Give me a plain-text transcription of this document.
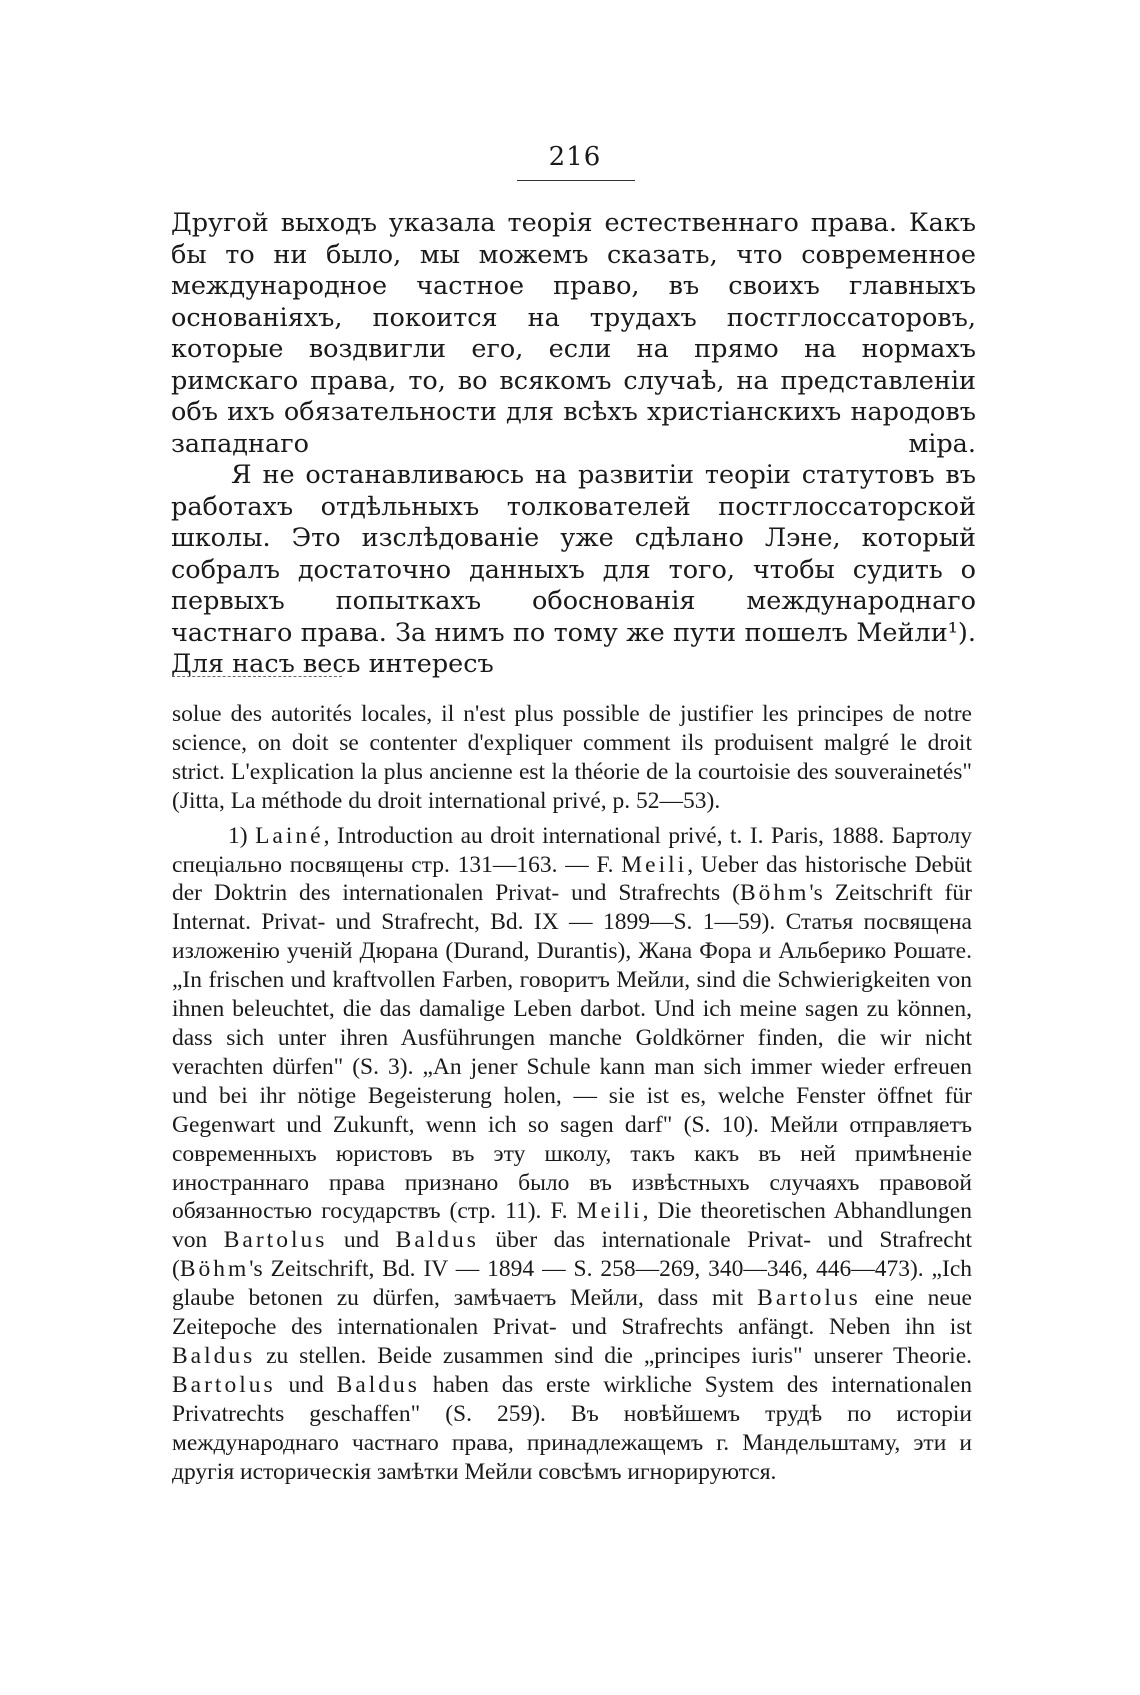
216

Другой выходъ указала теорія естественнаго права. Какъ бы то ни было, мы можемъ сказать, что современное международное частное право, въ своихъ главныхъ основаніяхъ, покоится на трудахъ постглоссаторовъ, которые воздвигли его, если на прямо на нормахъ римскаго права, то, во всякомъ случаѣ, на представленіи объ ихъ обязательности для всѣхъ христіанскихъ народовъ западнаго міра.

Я не останавливаюсь на развитіи теоріи статутовъ въ работахъ отдѣльныхъ толкователей постглоссаторской школы. Это изслѣдованіе уже сдѣлано Лэне, который собралъ достаточно данныхъ для того, чтобы судить о первыхъ попыткахъ обоснованія международнаго частнаго права. За нимъ по тому же пути пошелъ Мейли¹). Для насъ весь интересъ

solue des autorités locales, il n'est plus possible de justifier les principes de notre science, on doit se contenter d'expliquer comment ils produisent malgré le droit strict. L'explication la plus ancienne est la théorie de la courtoisie des souverainetés" (Jitta, La méthode du droit international privé, p. 52—53).

1) Lainé, Introduction au droit international privé, t. I. Paris, 1888. Бартолу спеціально посвящены стр. 131—163. — F. Meili, Ueber das historische Debüt der Doktrin des internationalen Privat- und Strafrechts (Böhm's Zeitschrift für Internat. Privat- und Strafrecht, Bd. IX — 1899—S. 1—59). Статья посвящена изложенію ученій Дюрана (Durand, Durantis), Жана Фора и Альберико Рошате. „In frischen und kraftvollen Farben, говоритъ Мейли, sind die Schwierigkeiten von ihnen beleuchtet, die das damalige Leben darbot. Und ich meine sagen zu können, dass sich unter ihren Ausführungen manche Goldkörner finden, die wir nicht verachten dürfen" (S. 3). „An jener Schule kann man sich immer wieder erfreuen und bei ihr nötige Begeisterung holen, — sie ist es, welche Fenster öffnet für Gegenwart und Zukunft, wenn ich so sagen darf" (S. 10). Мейли отправляетъ современныхъ юристовъ въ эту школу, такъ какъ въ ней примѣненіе иностраннаго права признано было въ извѣстныхъ случаяхъ правовой обязанностью государствъ (стр. 11). F. Meili, Die theoretischen Abhandlungen von Bartolus und Baldus über das internationale Privat- und Strafrecht (Böhm's Zeitschrift, Bd. IV — 1894 — S. 258—269, 340—346, 446—473). „Ich glaube betonen zu dürfen, замѣчаетъ Мейли, dass mit Bartolus eine neue Zeitepoche des internationalen Privat- und Strafrechts anfängt. Neben ihn ist Baldus zu stellen. Beide zusammen sind die „principes iuris" unserer Theorie. Bartolus und Baldus haben das erste wirkliche System des internationalen Privatrechts geschaffen" (S. 259). Въ новѣйшемъ трудѣ по исторіи международнаго частнаго права, принадлежащемъ г. Мандельштаму, эти и другія историческія замѣтки Мейли совсѣмъ игнорируются.
